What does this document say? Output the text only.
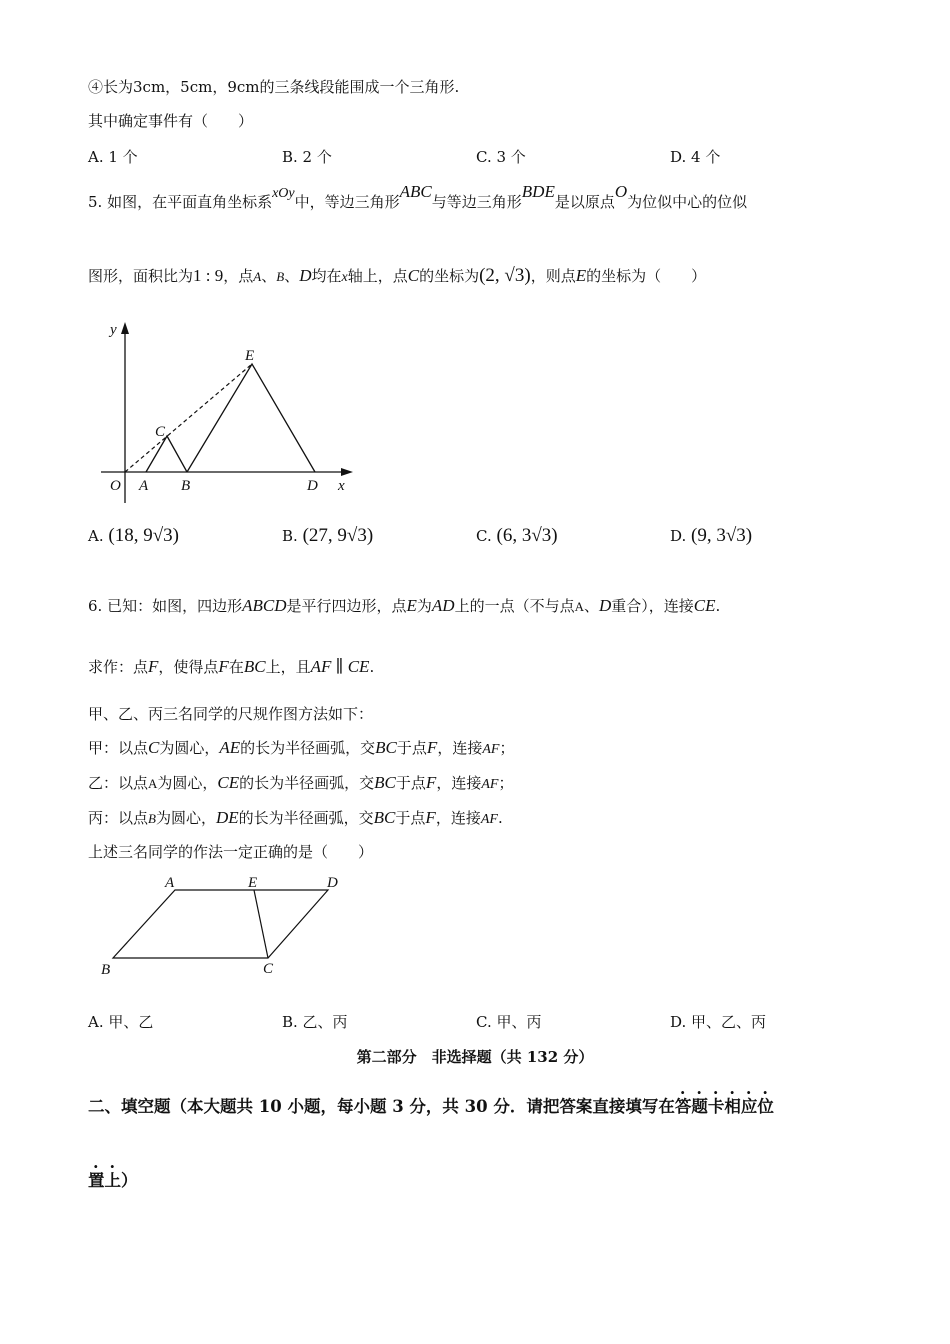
④长为3cm，5cm，9cm的三条线段能围成一个三角形.
其中确定事件有（　　）
A. 1 个	B. 2 个	C. 3 个	D. 4 个
5. 如图，在平面直角坐标系xOy中，等边三角形ABC与等边三角形BDE是以原点O为位似中心的位似
图形，面积比为1 : 9，点A、B、D均在x轴上，点C的坐标为(2, √3)，则点E的坐标为（　　）
y
x
O A B
C
D
E
A. (18, 9√3)	B. (27, 9√3)	C. (6, 3√3)	D. (9, 3√3)
6. 已知：如图，四边形ABCD是平行四边形，点E为AD上的一点（不与点A、D重合），连接CE.
求作：点F，使得点F在BC上，且AF ∥ CE.
甲、乙、丙三名同学的尺规作图方法如下：
甲：以点C为圆心，AE的长为半径画弧，交BC于点F，连接AF；
乙：以点A为圆心，CE的长为半径画弧，交BC于点F，连接AF；
丙：以点B为圆心，DE的长为半径画弧，交BC于点F，连接AF.
上述三名同学的作法一定正确的是（　　）
A	E	D
B	C
A. 甲、乙	B. 乙、丙	C. 甲、丙	D. 甲、乙、丙
第二部分　非选择题（共 132 分）
二、填空题（本大题共 10 小题，每小题 3 分，共 30 分．请把答案直接填写在答题卡相应位
置上）
